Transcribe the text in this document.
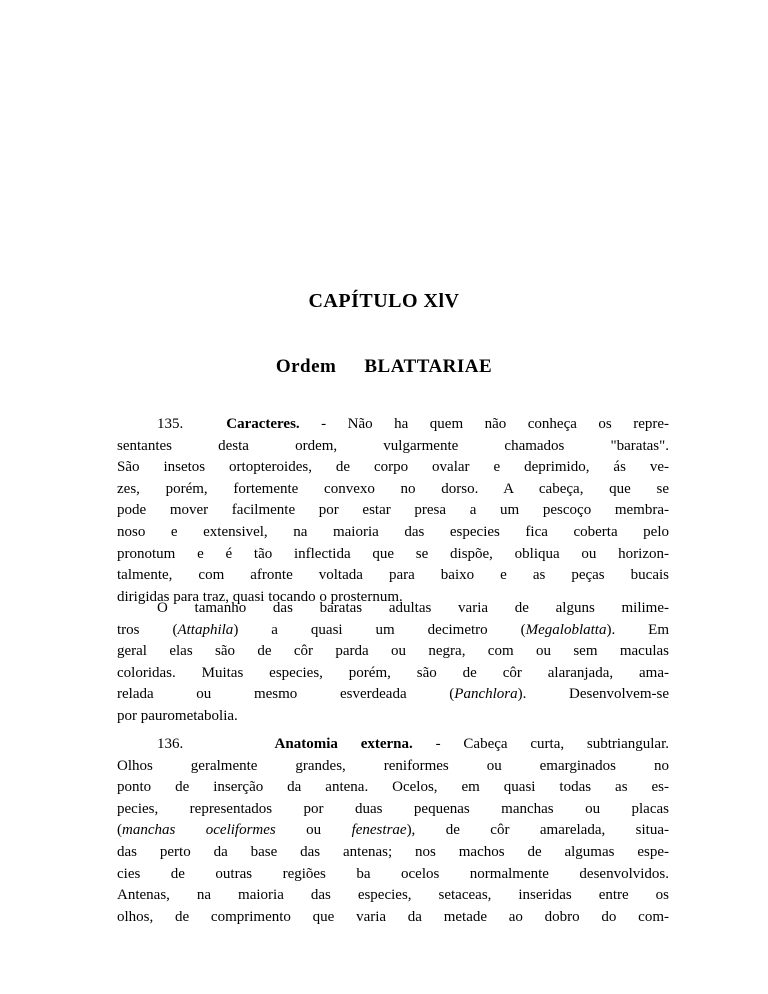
CAPÍTULO XlV
Ordem BLATTARIAE
135.	Caracteres. - Não ha quem não conheça os repre-
sentantes desta ordem, vulgarmente chamados "baratas".
São insetos ortopteroides, de corpo ovalar e deprimido, ás ve-
zes, porém, fortemente convexo no dorso. A cabeça, que se
pode mover facilmente por estar presa a um pescoço membra-
noso e extensivel, na maioria das especies fica coberta pelo
pronotum e é tão inflectida que se dispõe, obliqua ou horizon-
talmente, com afronte voltada para baixo e as peças bucais
dirigidas para traz, quasi tocando o prosternum.
O tamanho das baratas adultas varia de alguns milime-
tros (Attaphila) a quasi um decimetro (Megaloblatta). Em
geral elas são de côr parda ou negra, com ou sem maculas
coloridas. Muitas especies, porém, são de côr alaranjada, ama-
relada ou mesmo esverdeada (Panchlora). Desenvolvem-se
por paurometabolia.
136.	Anatomia externa. - Cabeça curta, subtriangular.
Olhos geralmente grandes, reniformes ou emarginados no
ponto de inserção da antena. Ocelos, em quasi todas as es-
pecies, representados por duas pequenas manchas ou placas
(manchas oceliformes ou fenestrae), de côr amarelada, situa-
das perto da base das antenas; nos machos de algumas espe-
cies de outras regiões ba ocelos normalmente desenvolvidos.
Antenas, na maioria das especies, setaceas, inseridas entre os
olhos, de comprimento que varia da metade ao dobro do com-
